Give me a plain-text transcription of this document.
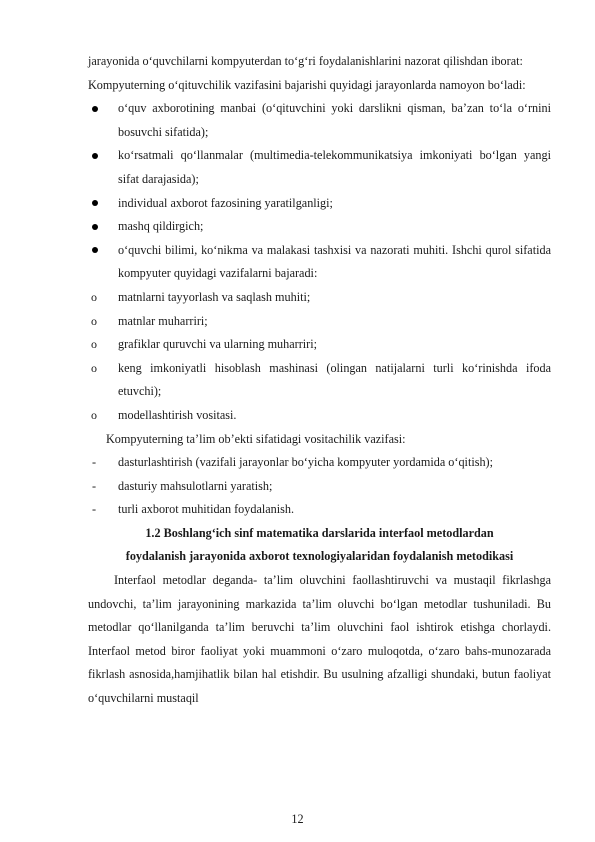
jarayonida o‘quvchilarni kompyuterdan to‘g‘ri foydalanishlarini nazorat qilishdan iborat:

Kompyuterning o‘qituvchilik vazifasini bajarishi quyidagi jarayonlarda namoyon bo‘ladi:

o‘quv axborotining manbai (o‘qituvchini yoki darslikni qisman, ba’zan to‘la o‘rnini bosuvchi sifatida);

ko‘rsatmali qo‘llanmalar (multimedia-telekommunikatsiya imkoniyati bo‘lgan yangi sifat darajasida);

individual axborot fazosining yaratilganligi;

mashq qildirgich;

o‘quvchi bilimi, ko‘nikma va malakasi tashxisi va nazorati muhiti. Ishchi qurol sifatida kompyuter quyidagi vazifalarni bajaradi:

o matnlarni tayyorlash va saqlash muhiti;

o matnlar muharriri;

o grafiklar quruvchi va ularning muharriri;

o keng imkoniyatli hisoblash mashinasi (olingan natijalarni turli ko‘rinishda ifoda etuvchi);

o modellashtirish vositasi.

Kompyuterning ta’lim ob’ekti sifatidagi vositachilik vazifasi:

- dasturlashtirish (vazifali jarayonlar bo‘yicha kompyuter yordamida o‘qitish);

- dasturiy mahsulotlarni yaratish;

- turli axborot muhitidan foydalanish.

1.2 Boshlang‘ich sinf matematika darslarida interfaol metodlardan

foydalanish jarayonida axborot texnologiyalaridan foydalanish metodikasi

Interfaol metodlar deganda- ta’lim oluvchini faollashtiruvchi va mustaqil fikrlashga undovchi, ta’lim jarayonining markazida ta’lim oluvchi bo‘lgan metodlar tushuniladi. Bu metodlar qo‘llanilganda ta’lim beruvchi ta’lim oluvchini faol ishtirok etishga chorlaydi. Interfaol metod biror faoliyat yoki muammoni o‘zaro muloqotda, o‘zaro bahs-munozarada fikrlash asnosida,hamjihatlik bilan hal etishdir. Bu usulning afzalligi shundaki, butun faoliyat o‘quvchilarni mustaqil

12
